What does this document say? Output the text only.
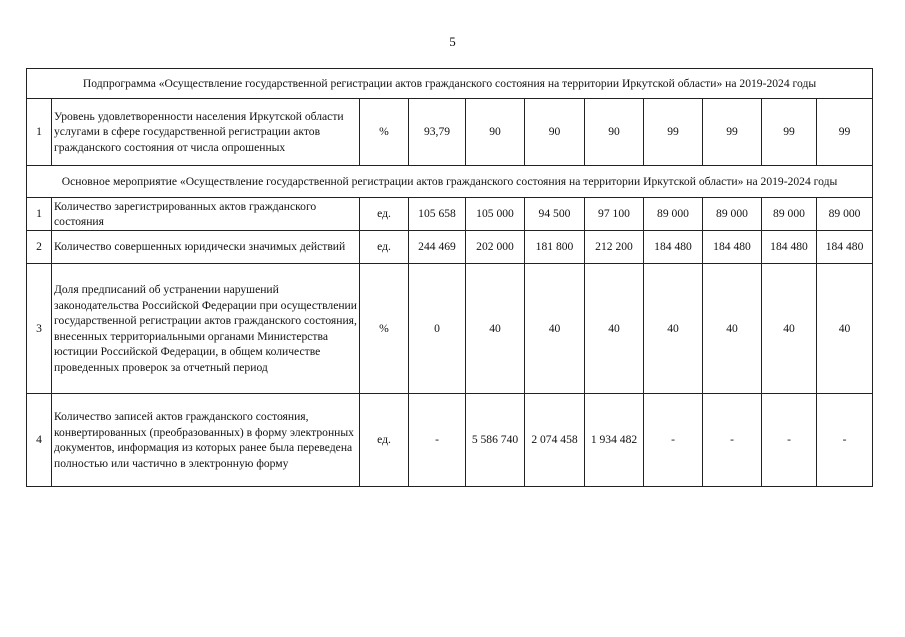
5
Подпрограмма «Осуществление государственной регистрации актов гражданского состояния на территории Иркутской области» на 2019-2024 годы										
1	Уровень удовлетворенности населения Иркутской области услугами в сфере государственной регистрации актов гражданского состояния от числа опрошенных	%	93,79	90	90	90	99	99	99	99
Основное мероприятие «Осуществление государственной регистрации актов гражданского состояния на территории Иркутской области» на 2019-2024 годы										
1	Количество зарегистрированных актов гражданского состояния	ед.	105 658	105 000	94 500	97 100	89 000	89 000	89 000	89 000
2	Количество совершенных юридически значимых действий	ед.	244 469	202 000	181 800	212 200	184 480	184 480	184 480	184 480
3	Доля предписаний об устранении нарушений законодательства Российской Федерации при осуществлении государственной регистрации актов гражданского состояния, внесенных территориальными органами Министерства юстиции Российской Федерации, в общем количестве проведенных проверок за отчетный период	%	0	40	40	40	40	40	40	40
4	Количество записей актов гражданского состояния, конвертированных (преобразованных) в форму электронных документов, информация из которых ранее была переведена полностью или частично в электронную форму	ед.	-	5 586 740	2 074 458	1 934 482	-	-	-	-
